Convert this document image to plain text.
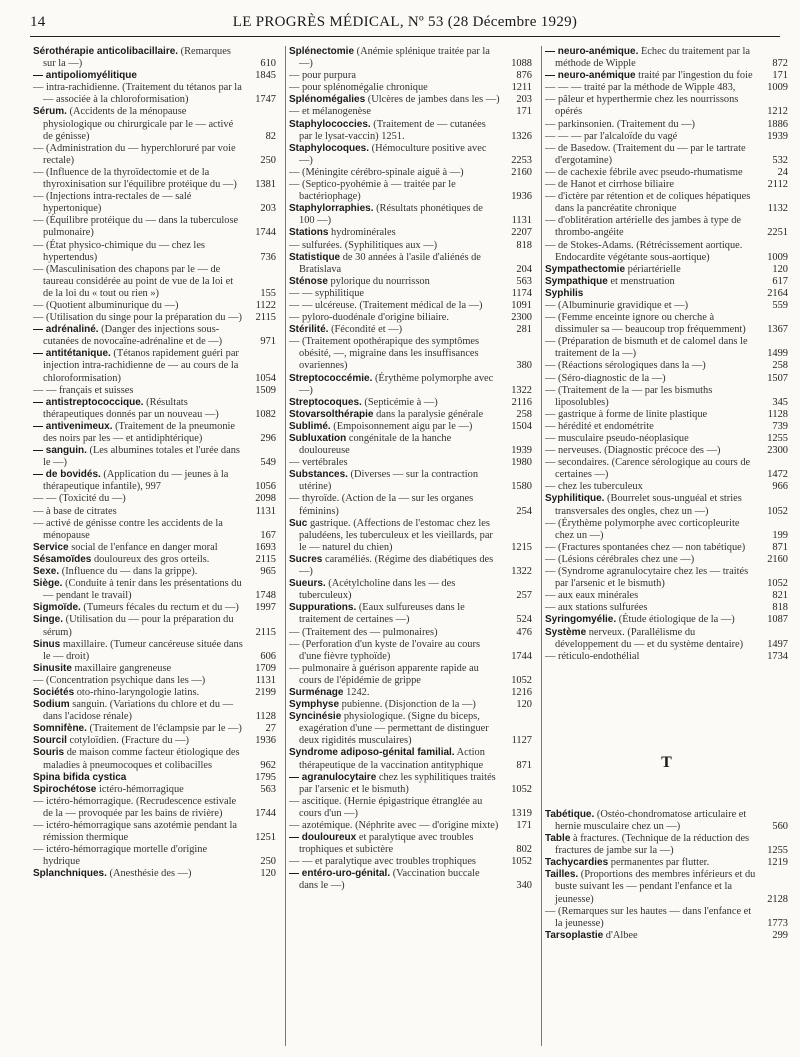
14	LE PROGRÈS MÉDICAL, Nº 53 (28 Décembre 1929)
Sérothérapie anticolibacillaire. (Remarques sur la —)	610
— antipoliomyélitique	1845
— intra-rachidienne. (Traitement du tétanos par la — associée à la chloroformisation)	1747
Sérum. (Accidents de la ménopause physiologique ou chirurgicale par le — activé de génisse)	82
— (Administration du — hyperchloruré par voie rectale)	250
— (Influence de la thyroïdectomie et de la thyroxinisation sur l'équilibre protéique du —)	1381
— (Injections intra-rectales de — salé hypertonique)	203
— (Équilibre protéique du — dans la tuberculose pulmonaire)	1744
— (État physico-chimique du — chez les hypertendus)	736
— (Masculinisation des chapons par le — de taureau considérée au point de vue de la loi et de la loi du « tout ou rien »)	155
— (Quotient albuminurique du —)	1122
— (Utilisation du singe pour la préparation du —)	2115
— adrénaliné. (Danger des injections sous-cutanées de novocaïne-adrénaline et de —)	971
— antitétanique. (Tétanos rapidement guéri par injection intra-rachidienne de — au cours de la chloroformisation)	1054
— — français et suisses	1509
— antistreptococcique. (Résultats thérapeutiques donnés par un nouveau —)	1082
— antivenimeux. (Traitement de la pneumonie des noirs par les — et antidiphtérique)	296
— sanguin. (Les albumines totales et l'urée dans le —)	549
— de bovidés. (Application du — jeunes à la thérapeutique infantile), 997	1056
— — (Toxicité du —)	2098
— à base de citrates	1131
— activé de génisse contre les accidents de la ménopause	167
Service social de l'enfance en danger moral	1693
Sésamoïdes douloureux des gros orteils.	2115
Sexe. (Influence du — dans la grippe).	965
Siège. (Conduite à tenir dans les présentations du — pendant le travail)	1748
Sigmoïde. (Tumeurs fécales du rectum et du —)	1997
Singe. (Utilisation du — pour la préparation du sérum)	2115
Sinus maxillaire. (Tumeur cancéreuse située dans le — droit)	606
Sinusite maxillaire gangreneuse	1709
— (Concentration psychique dans les —)	1131
Sociétés oto-rhino-laryngologie latins.	2199
Sodium sanguin. (Variations du chlore et du — dans l'acidose rénale)	1128
Somnifène. (Traitement de l'éclampsie par le —)	27
Sourcil cotyloïdien. (Fracture du —)	1936
Souris de maison comme facteur étiologique des maladies à pneumocoques et colibacilles	962
Spina bifida cystica	1795
Spirochétose ictéro-hémorragique	563
— ictéro-hémorragique. (Recrudescence estivale de la — provoquée par les bains de rivière)	1744
— ictéro-hémorragique sans azotémie pendant la rémission thermique	1251
— ictéro-hémorragique mortelle d'origine hydrique	250
Splanchniques. (Anesthésie des —)	120
Splénectomie (Anémie splénique traitée par la —)	1088
— pour purpura	876
— pour splénomégalie chronique	1211
Splénomégalies (Ulcères de jambes dans les —)	203
— et mélanogenèse	171
Staphylococcies. (Traitement de — cutanées par le lysat-vaccin) 1251.	1326
Staphylocoques. (Hémoculture positive avec —)	2253
— (Méningite cérébro-spinale aiguë à —)	2160
— (Septico-pyohémie à — traitée par le bactériophage)	1936
Staphylorraphies. (Résultats phonétiques de 100 —)	1131
Stations hydrominérales	2207
— sulfurées. (Syphilitiques aux —)	818
Statistique de 30 années à l'asile d'aliénés de Bratislava	204
Sténose pylorique du nourrisson	563
— — syphilitique	1174
— — ulcéreuse. (Traitement médical de la —)	1091
— pyloro-duodénale d'origine biliaire.	2300
Stérilité. (Fécondité et —)	281
— (Traitement opothérapique des symptômes obésité, —, migraine dans les insuffisances ovariennes)	380
Streptococcémie. (Érythème polymorphe avec —)	1322
Streptocoques. (Septicémie à —)	2116
Stovarsolthérapie dans la paralysie générale	258
Sublimé. (Empoisonnement aigu par le —)	1504
Subluxation congénitale de la hanche douloureuse	1939
— vertébrales	1980
Substances. (Diverses — sur la contraction utérine)	1580
— thyroïde. (Action de la — sur les organes féminins)	254
Suc gastrique. (Affections de l'estomac chez les paludéens, les tuberculeux et les vieillards, par le — naturel du chien)	1215
Sucres caraméliés. (Régime des diabétiques des —)	1322
Sueurs. (Acétylcholine dans les — des tuberculeux)	257
Suppurations. (Eaux sulfureuses dans le traitement de certaines —)	524
— (Traitement des — pulmonaires)	476
— (Perforation d'un kyste de l'ovaire au cours d'une fièvre typhoïde)	1744
— pulmonaire à guérison apparente rapide au cours de l'épidémie de grippe	1052
Surménage 1242.	1216
Symphyse pubienne. (Disjonction de la —)	120
Syncinésie physiologique. (Signe du biceps, exagération d'une — permettant de distinguer deux rigidités musculaires)	1127
Syndrome adiposo-génital familial. Action thérapeutique de la vaccination antityphique	871
— agranulocytaire chez les syphilitiques traités par l'arsenic et le bismuth)	1052
— ascitique. (Hernie épigastrique étranglée au cours d'un —)	1319
— azotémique. (Néphrite avec — d'origine mixte)	171
— douloureux et paralytique avec troubles trophiques et subictère	802
— — et paralytique avec troubles trophiques	1052
— entéro-uro-génital. (Vaccination buccale dans le —)	340
— neuro-anémique. Échec du traitement par la méthode de Wipple	872
— neuro-anémique traité par l'ingestion du foie	171
— — — traité par la méthode de Wipple 483,	1009
— pâleur et hyperthermie chez les nourrissons opérés	1212
— parkinsonien. (Traitement du —)	1886
— — — par l'alcaloïde du vagé	1939
— de Basedow. (Traitement du — par le tartrate d'ergotamine)	532
— de cachexie fébrile avec pseudo-rhumatisme	24
— de Hanot et cirrhose biliaire	2112
— d'ictère par rétention et de coliques hépatiques dans la pancréatite chronique	1132
— d'oblitération artérielle des jambes à type de thrombo-angéite	2251
— de Stokes-Adams. (Rétrécissement aortique. Endocardite végétante sous-aortique)	1009
Sympathectomie périartérielle	120
Sympathique et menstruation	617
Syphilis	2164
— (Albuminurie gravidique et —)	559
— (Femme enceinte ignore ou cherche à dissimuler sa — beaucoup trop fréquemment)	1367
— (Préparation de bismuth et de calomel dans le traitement de la —)	1499
— (Réactions sérologiques dans la —)	258
— (Séro-diagnostic de la —)	1507
— (Traitement de la — par les bismuths liposolubles)	345
— gastrique à forme de linite plastique	1128
— hérédité et endométrite	739
— musculaire pseudo-néoplasique	1255
— nerveuses. (Diagnostic précoce des —)	2300
— secondaires. (Carence sérologique au cours de certaines —)	1472
— chez les tuberculeux	966
Syphilitique. (Bourrelet sous-unguéal et stries transversales des ongles, chez un —)	1052
— (Érythème polymorphe avec corticopleurite chez un —)	199
— (Fractures spontanées chez — non tabétique)	871
— (Lésions cérébrales chez une —)	2160
— (Syndrome agranulocytaire chez les — traités par l'arsenic et le bismuth)	1052
— aux eaux minérales	821
— aux stations sulfurées	818
Syringomyélie. (Étude étiologique de la —)	1087
Système nerveux. (Parallélisme du développement du — et du système dentaire)	1497
— réticulo-endothélial	1734
T
Tabétique. (Ostéo-chondromatose articulaire et hernie musculaire chez un —)	560
Table à fractures. (Technique de la réduction des fractures de jambe sur la —)	1255
Tachycardies permanentes par flutter.	1219
Tailles. (Proportions des membres inférieurs et du buste suivant les — pendant l'enfance et la jeunesse)	2128
— (Remarques sur les hautes — dans l'enfance et la jeunesse)	1773
Tarsoplastie d'Albee	299
